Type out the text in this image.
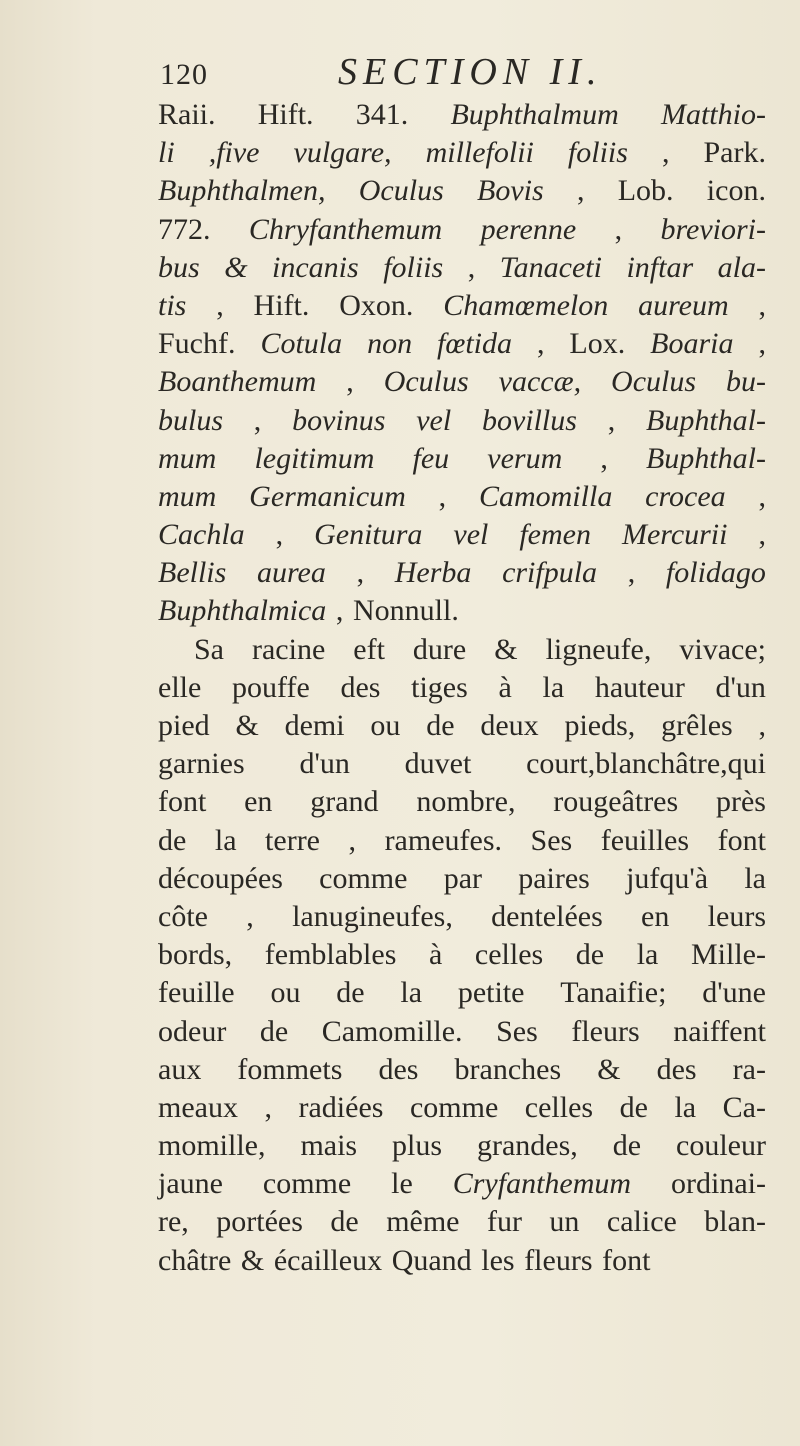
120	SECTION II.
Raii. Hift. 341. Buphthalmum Matthio-
li ,five vulgare, millefolii foliis , Park.
Buphthalmen, Oculus Bovis , Lob. icon.
772. Chryfanthemum perenne , breviori-
bus & incanis foliis , Tanaceti inftar ala-
tis , Hift. Oxon. Chamœmelon aureum ,
Fuchf. Cotula non fœtida , Lox. Boaria ,
Boanthemum , Oculus vaccæ, Oculus bu-
bulus , bovinus vel bovillus , Buphthal-
mum legitimum feu verum , Buphthal-
mum Germanicum , Camomilla crocea ,
Cachla , Genitura vel femen Mercurii ,
Bellis aurea , Herba crifpula , folidago
Buphthalmica , Nonnull.
Sa racine eft dure & ligneufe, vivace;
elle pouffe des tiges à la hauteur d'un
pied & demi ou de deux pieds, grêles ,
garnies d'un duvet court,blanchâtre,qui
font en grand nombre, rougeâtres près
de la terre , rameufes. Ses feuilles font
découpées comme par paires jufqu'à la
côte , lanugineufes, dentelées en leurs
bords, femblables à celles de la Mille-
feuille ou de la petite Tanaifie; d'une
odeur de Camomille. Ses fleurs naiffent
aux fommets des branches & des ra-
meaux , radiées comme celles de la Ca-
momille, mais plus grandes, de couleur
jaune comme le Cryfanthemum ordinai-
re, portées de même fur un calice blan-
châtre & écailleux Quand les fleurs font
